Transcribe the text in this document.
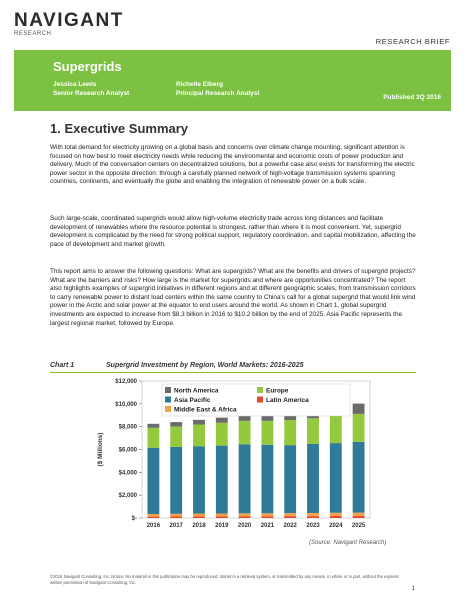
NAVIGANT
RESEARCH
RESEARCH BRIEF
Supergrids
Jessica Lewis
Senior Research Analyst
Richelle Elberg
Principal Research Analyst
Published 3Q 2016
1. Executive Summary
With total demand for electricity growing on a global basis and concerns over climate change mounting, significant attention is focused on how best to meet electricity needs while reducing the environmental and economic costs of power production and delivery. Much of the conversation centers on decentralized solutions, but a powerful case also exists for transforming the electric power sector in the opposite direction: through a carefully planned network of high-voltage transmission systems spanning countries, continents, and eventually the globe and enabling the integration of renewable power on a bulk scale.
Such large-scale, coordinated supergrids would allow high-volume electricity trade across long distances and facilitate development of renewables where the resource potential is strongest, rather than where it is most convenient. Yet, supergrid development is complicated by the need for strong political support, regulatory coordination, and capital mobilization, affecting the pace of development and market growth.
This report aims to answer the following questions: What are supergrids? What are the benefits and drivers of supergrid projects? What are the barriers and risks? How large is the market for supergrids and where are opportunities concentrated? The report also highlights examples of supergrid initiatives in different regions and at different geographic scales, from transmission corridors to carry renewable power to distant load centers within the same country to China's call for a global supergrid that would link wind power in the Arctic and solar power at the equator to end users around the world. As shown in Chart 1, global supergrid investments are expected to increase from $8.3 billion in 2016 to $10.2 billion by the end of 2025. Asia Pacific represents the largest regional market, followed by Europe.
Chart 1	Supergrid Investment by Region, World Markets: 2016-2025
$-
$2,000
$4,000
$6,000
$8,000
$10,000
$12,000
($ Millions)
2016 2017 2018 2019 2020 2021 2022 2023 2024 2025
North America	Europe
Asia Pacific	Latin America
Middle East & Africa
(Source: Navigant Research)
©2016 Navigant Consulting, Inc. Notice: No material in this publication may be reproduced, stored in a retrieval system, or transmitted by any means, in whole or in part, without the express written permission of Navigant Consulting, Inc.
1
